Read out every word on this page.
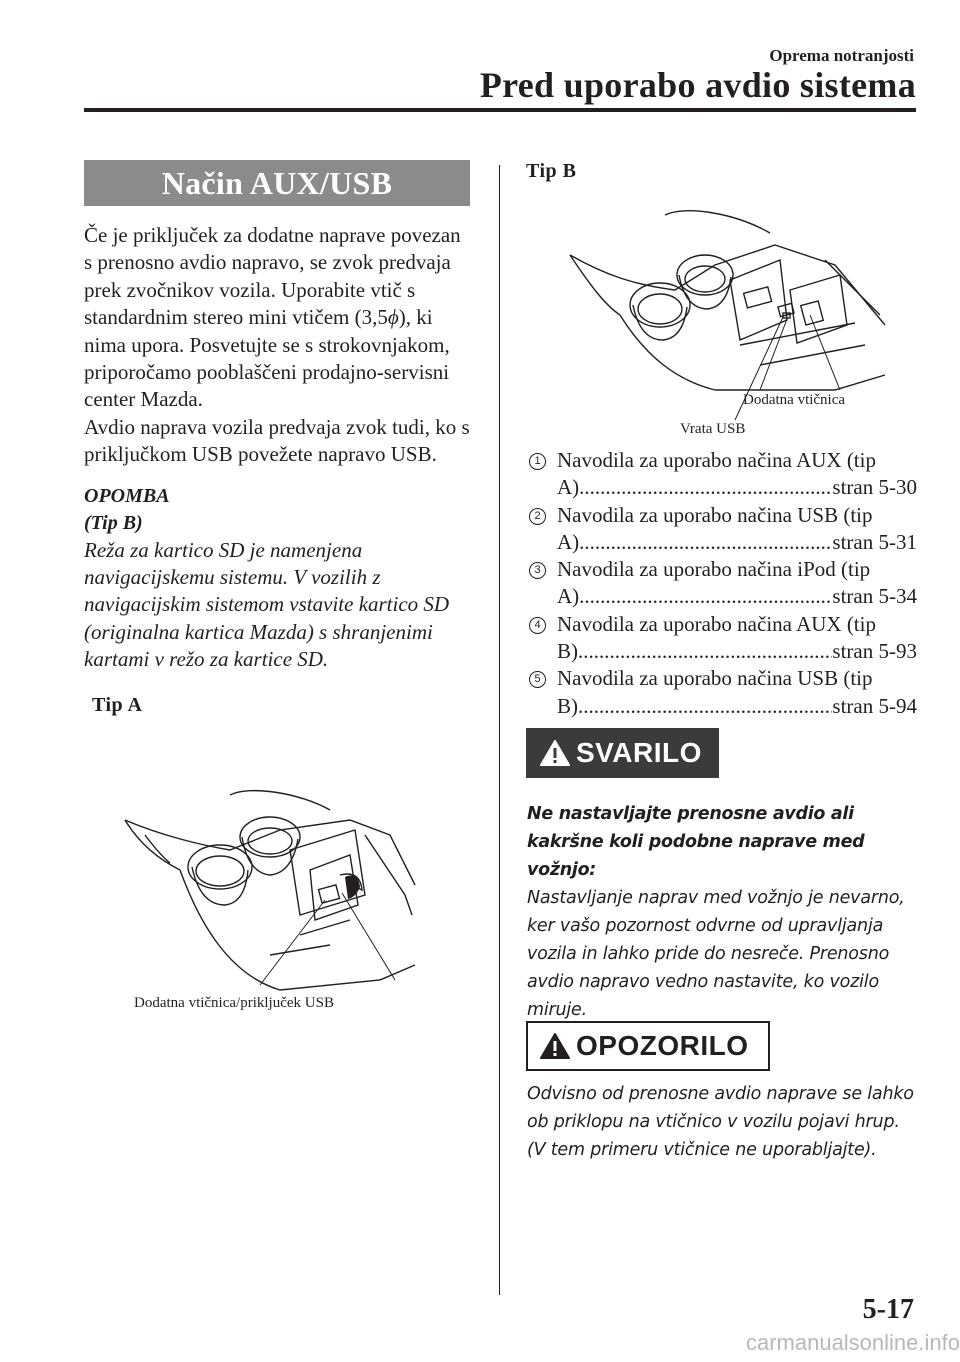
Oprema notranjosti
Pred uporabo avdio sistema
Način AUX/USB

Če je priključek za dodatne naprave povezan s prenosno avdio napravo, se zvok predvaja prek zvočnikov vozila. Uporabite vtič s standardnim stereo mini vtičem (3,5ϕ), ki nima upora. Posvetujte se s strokovnjakom, priporočamo pooblaščeni prodajno-servisni center Mazda.

Avdio naprava vozila predvaja zvok tudi, ko s priključkom USB povežete napravo USB.

OPOMBA
(Tip B)
Reža za kartico SD je namenjena navigacijskemu sistemu. V vozilih z navigacijskim sistemom vstavite kartico SD (originalna kartica Mazda) s shranjenimi kartami v režo za kartice SD.
Tip A
Dodatna vtičnica/priključek USB
Tip B
Dodatna vtičnica
Vrata USB
1 Navodila za uporabo načina AUX (tip
A) .....	stran 5-30
2 Navodila za uporabo načina USB (tip
A) .....	stran 5-31
3 Navodila za uporabo načina iPod (tip
A) .....	stran 5-34
4 Navodila za uporabo načina AUX (tip
B) .....	stran 5-93
5 Navodila za uporabo načina USB (tip
B) .....	stran 5-94
SVARILO
Ne nastavljajte prenosne avdio ali kakršne koli podobne naprave med vožnjo:
Nastavljanje naprav med vožnjo je nevarno, ker vašo pozornost odvrne od upravljanja vozila in lahko pride do nesreče. Prenosno avdio napravo vedno nastavite, ko vozilo miruje.
OPOZORILO
Odvisno od prenosne avdio naprave se lahko ob priklopu na vtičnico v vozilu pojavi hrup. (V tem primeru vtičnice ne uporabljajte).
5-17
carmanualsonline.info
